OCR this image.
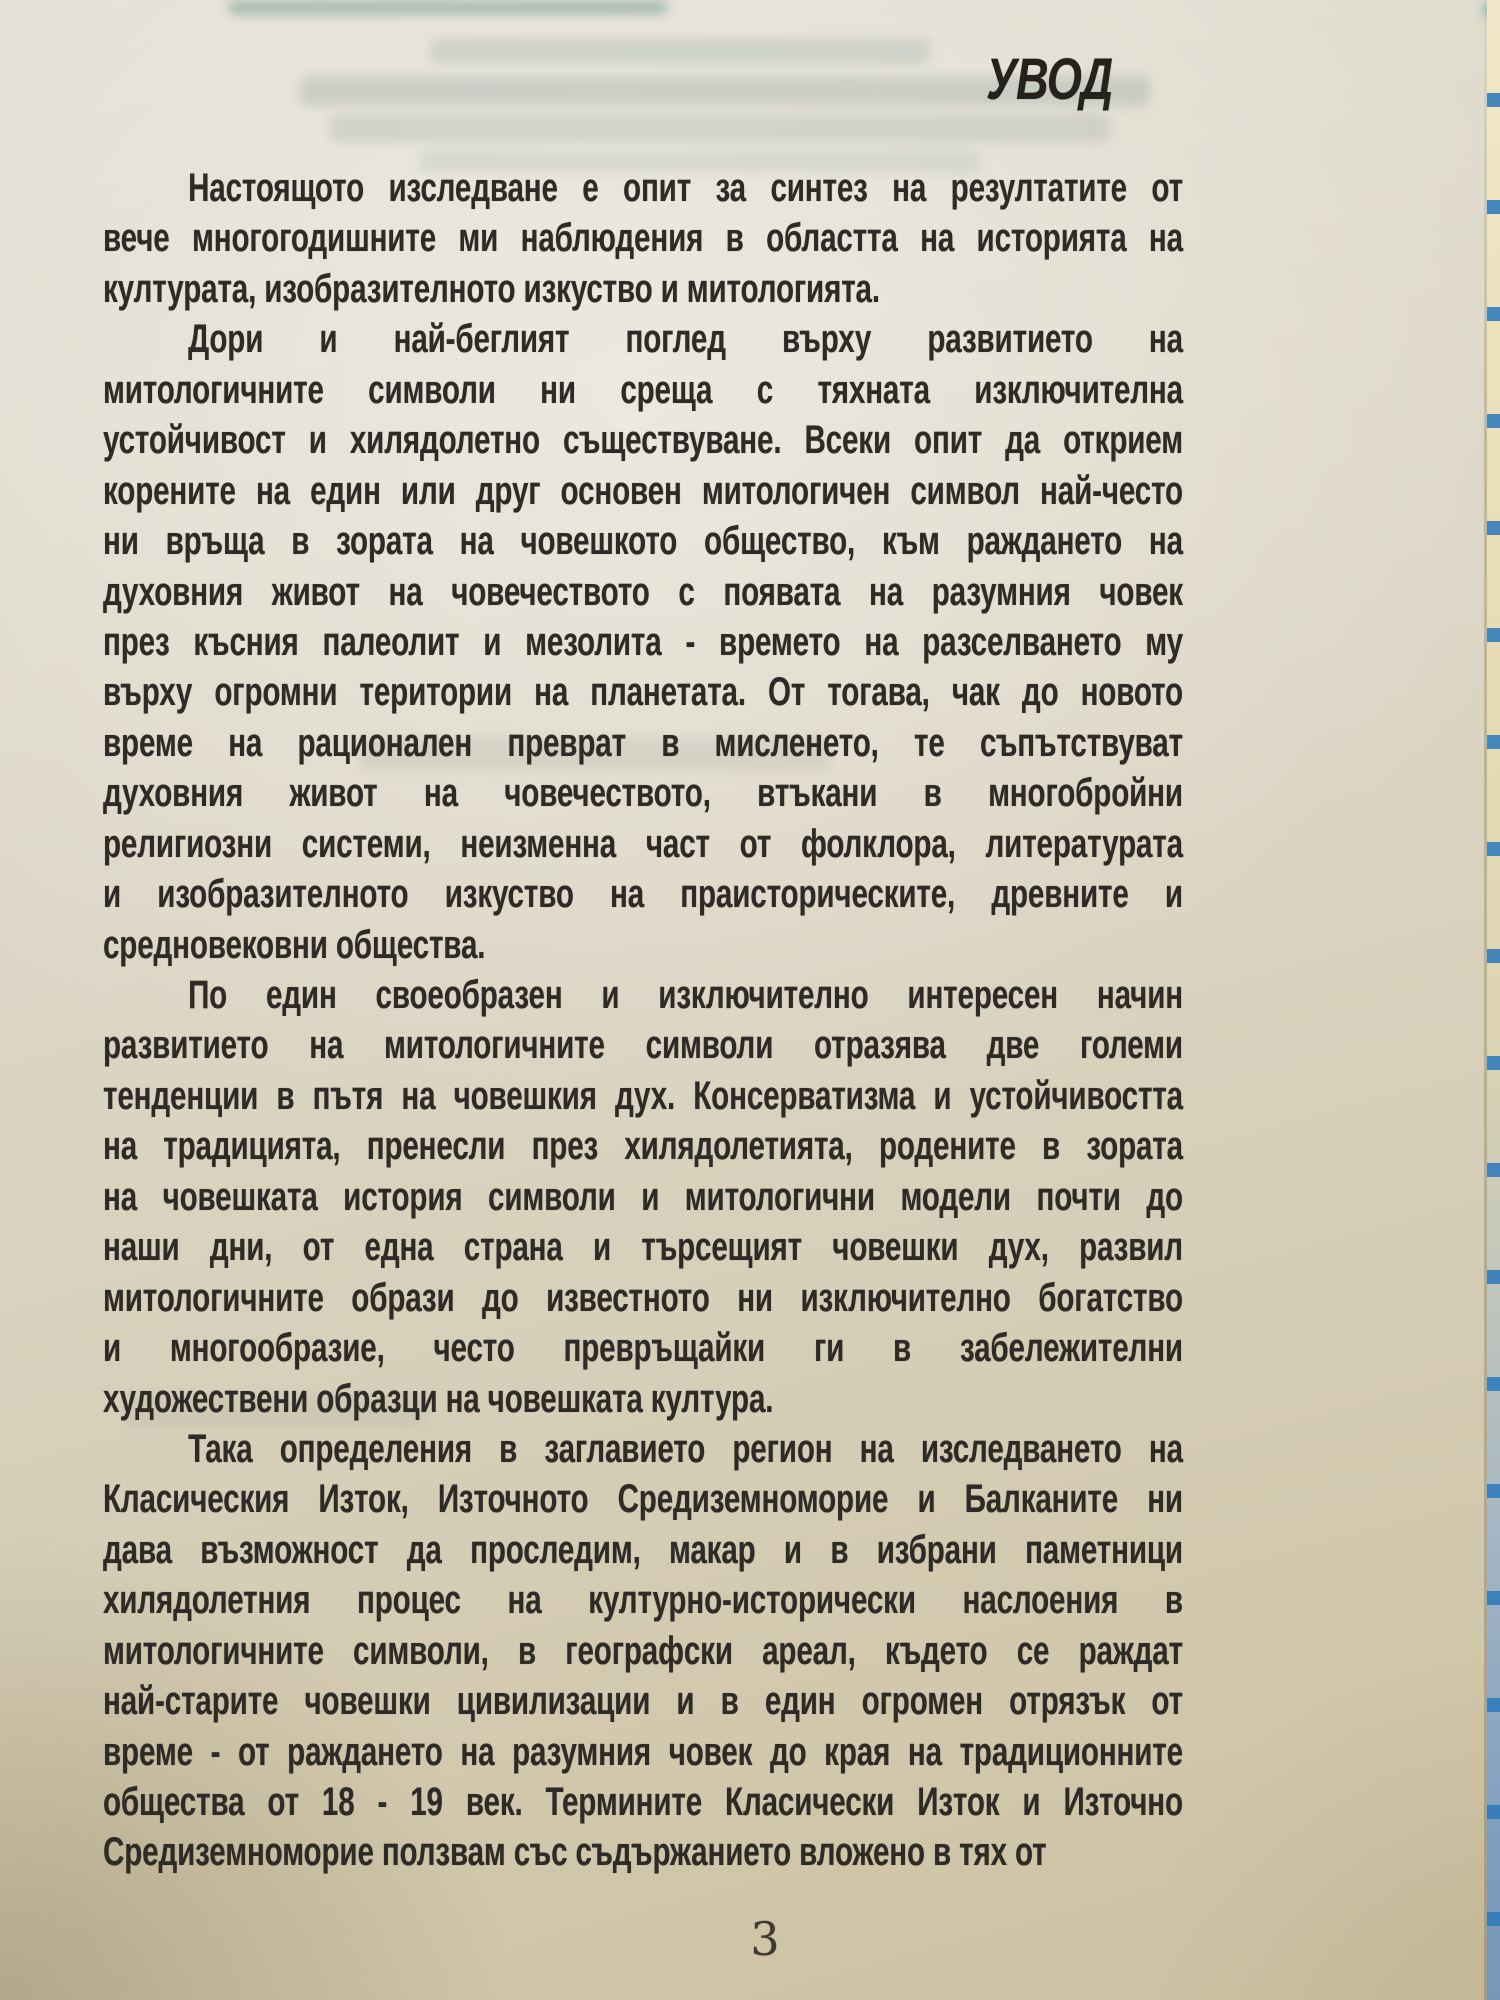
УВОД
Настоящото изследване е опит за синтез на резултатите от
вече многогодишните ми наблюдения в областта на историята на
културата, изобразителното изкуство и митологията.
Дори и най-беглият поглед върху развитието на
митологичните символи ни среща с тяхната изключителна
устойчивост и хилядолетно съществуване. Всеки опит да открием
корените на един или друг основен митологичен символ най-често
ни връща в зората на човешкото общество, към раждането на
духовния живот на човечеството с появата на разумния човек
през късния палеолит и мезолита - времето на разселването му
върху огромни територии на планетата. От тогава, чак до новото
време на рационален преврат в мисленето, те съпътствуват
духовния живот на човечеството, втъкани в многобройни
религиозни системи, неизменна част от фолклора, литературата
и изобразителното изкуство на праисторическите, древните и
средновековни общества.
По един своеобразен и изключително интересен начин
развитието на митологичните символи отразява две големи
тенденции в пътя на човешкия дух. Консерватизма и устойчивостта
на традицията, пренесли през хилядолетията, родените в зората
на човешката история символи и митологични модели почти до
наши дни, от една страна и търсещият човешки дух, развил
митологичните образи до известното ни изключително богатство
и многообразие, често превръщайки ги в забележителни
художествени образци на човешката култура.
Така определения в заглавието регион на изследването на
Класическия Изток, Източното Средиземноморие и Балканите ни
дава възможност да проследим, макар и в избрани паметници
хилядолетния процес на културно-исторически наслоения в
митологичните символи, в географски ареал, където се раждат
най-старите човешки цивилизации и в един огромен отрязък от
време - от раждането на разумния човек до края на традиционните
общества от 18 - 19 век. Термините Класически Изток и Източно
Средиземноморие ползвам със съдържанието вложено в тях от
3
